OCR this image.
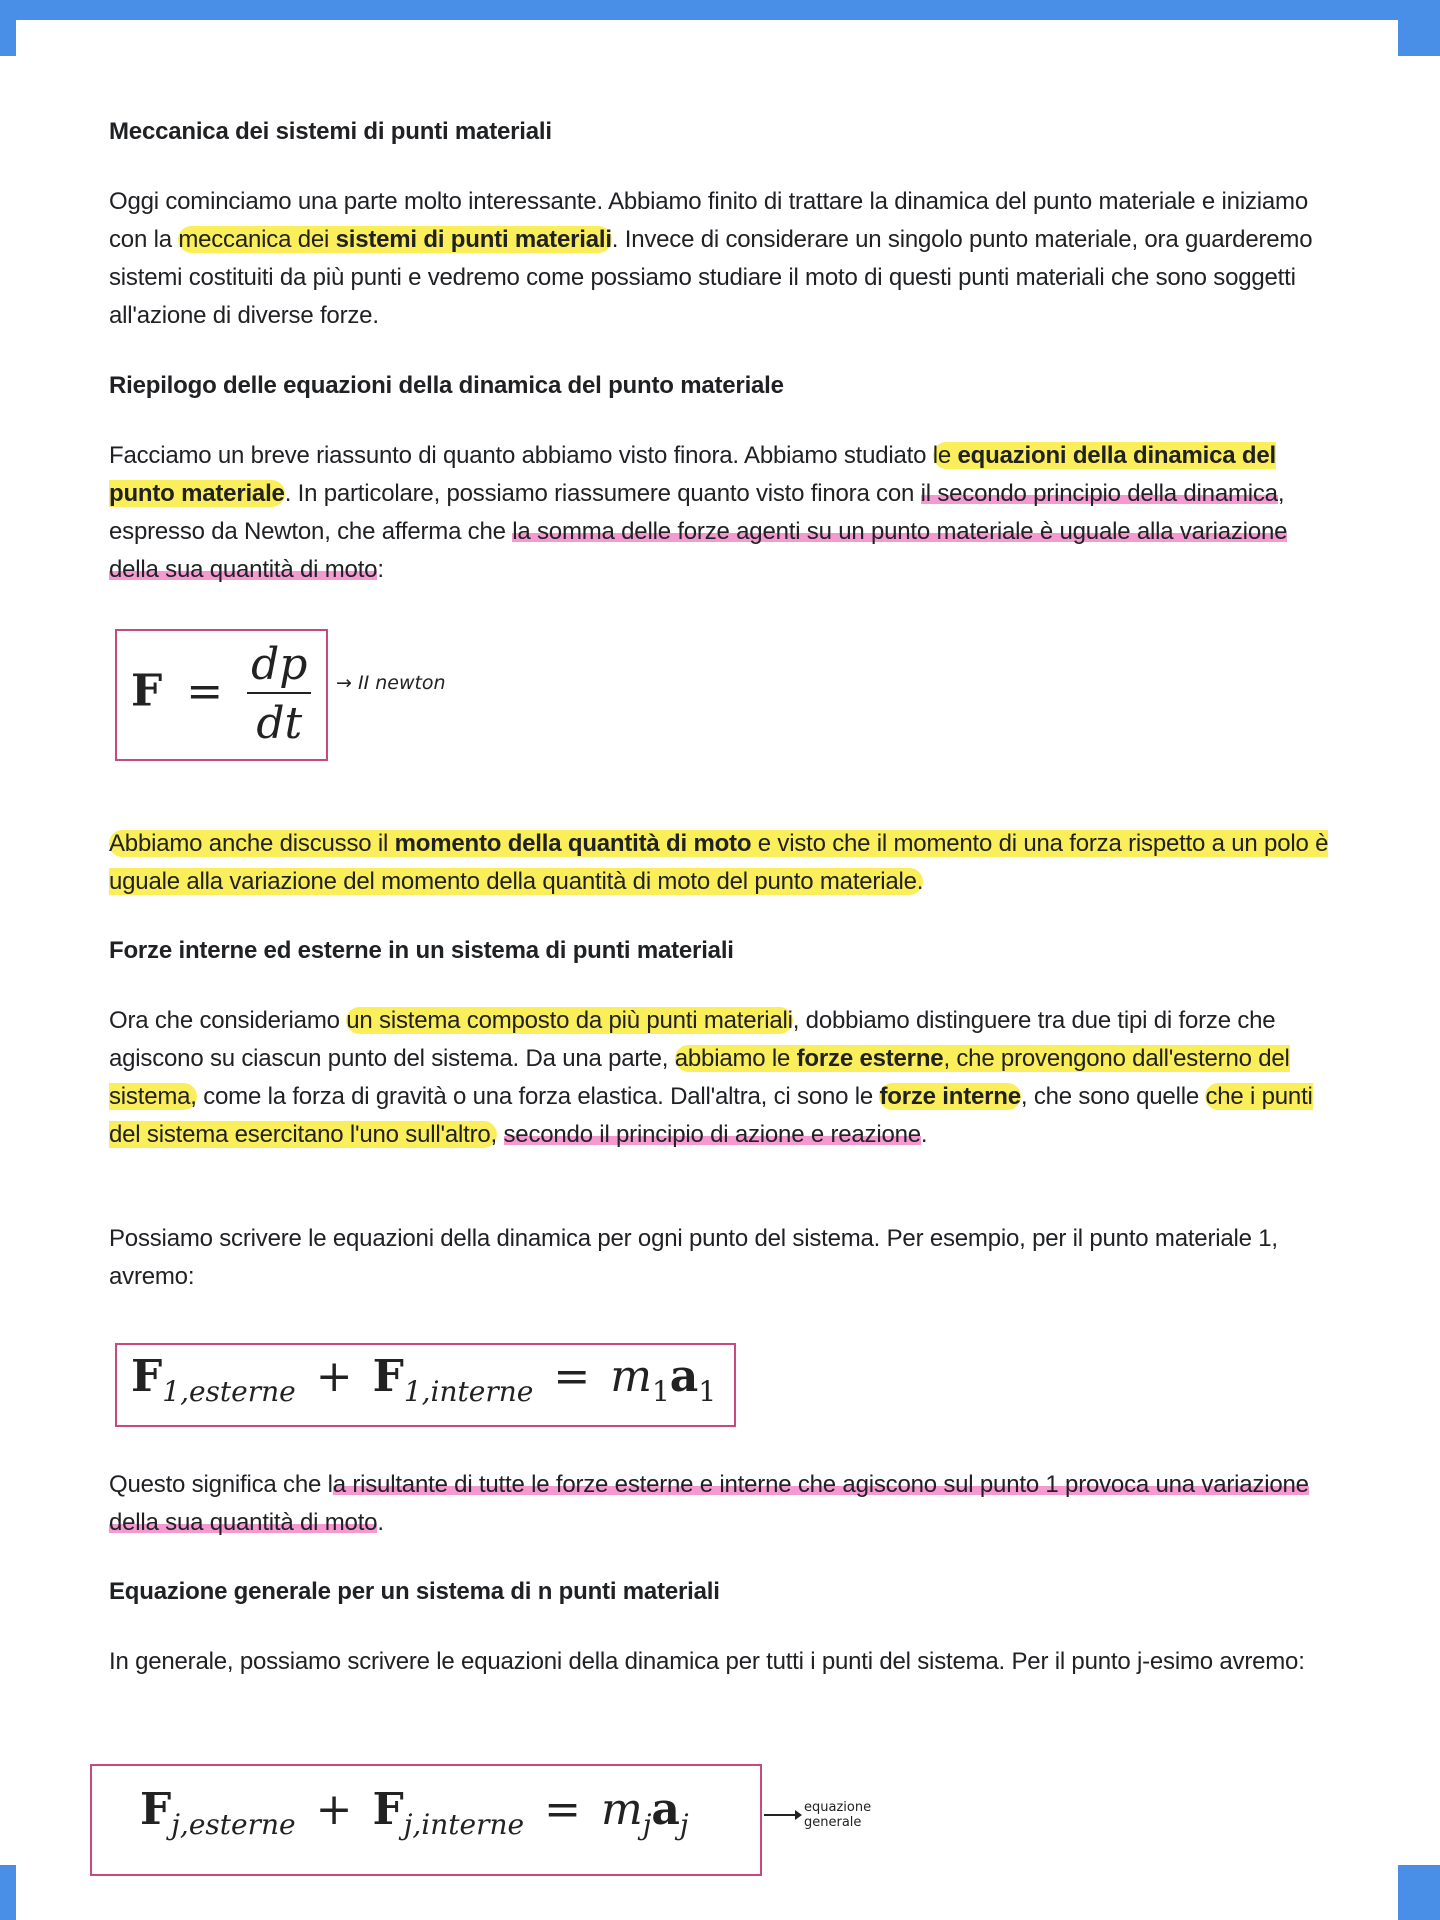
Meccanica dei sistemi di punti materiali

Oggi cominciamo una parte molto interessante. Abbiamo finito di trattare la dinamica del punto materiale e iniziamo con la meccanica dei sistemi di punti materiali. Invece di considerare un singolo punto materiale, ora guarderemo sistemi costituiti da più punti e vedremo come possiamo studiare il moto di questi punti materiali che sono soggetti all'azione di diverse forze.

Riepilogo delle equazioni della dinamica del punto materiale

Facciamo un breve riassunto di quanto abbiamo visto finora. Abbiamo studiato le equazioni della dinamica del punto materiale. In particolare, possiamo riassumere quanto visto finora con il secondo principio della dinamica, espresso da Newton, che afferma che la somma delle forze agenti su un punto materiale è uguale alla variazione della sua quantità di moto:

Abbiamo anche discusso il momento della quantità di moto e visto che il momento di una forza rispetto a un polo è uguale alla variazione del momento della quantità di moto del punto materiale.

Forze interne ed esterne in un sistema di punti materiali

Ora che consideriamo un sistema composto da più punti materiali, dobbiamo distinguere tra due tipi di forze che agiscono su ciascun punto del sistema. Da una parte, abbiamo le forze esterne, che provengono dall'esterno del sistema, come la forza di gravità o una forza elastica. Dall'altra, ci sono le forze interne, che sono quelle che i punti del sistema esercitano l'uno sull'altro, secondo il principio di azione e reazione.

Possiamo scrivere le equazioni della dinamica per ogni punto del sistema. Per esempio, per il punto materiale 1, avremo:

Questo significa che la risultante di tutte le forze esterne e interne che agiscono sul punto 1 provoca una variazione della sua quantità di moto.

Equazione generale per un sistema di n punti materiali

In generale, possiamo scrivere le equazioni della dinamica per tutti i punti del sistema. Per il punto j-esimo avremo:

$F = \frac{dp}{dt}$ → II newton
$F_{1,esterne} + F_{1,interne} = m_1a_1$
$F_{j,esterne} + F_{j,interne} = m_ja_j$
equazione
generale
